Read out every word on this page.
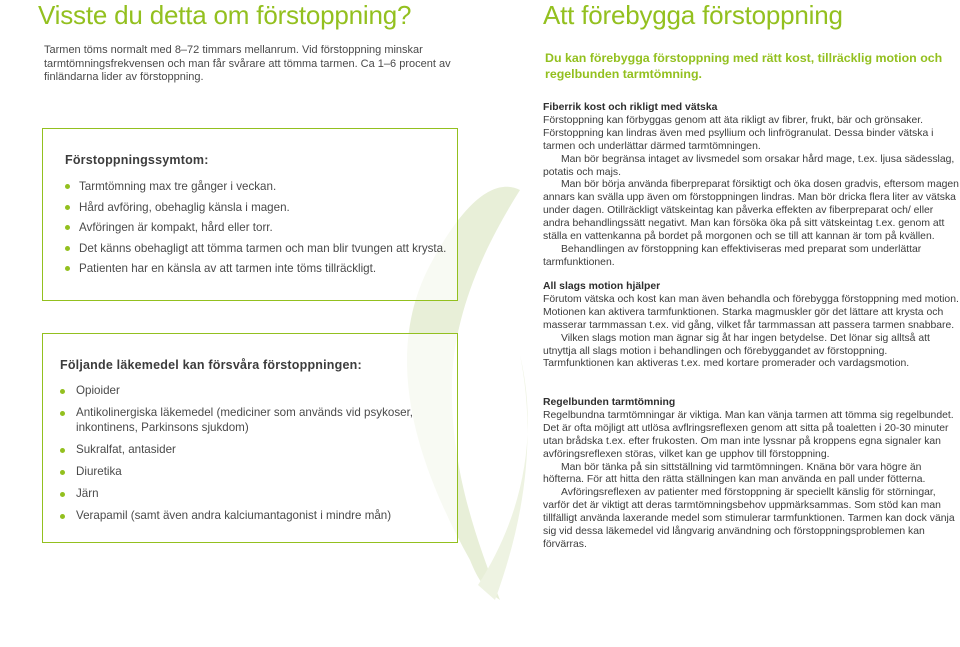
Visste du detta om förstoppning?
Tarmen töms normalt med 8–72 timmars mellanrum. Vid förstoppning minskar tarmtömningsfrekvensen och man får svårare att tömma tarmen. Ca 1–6 procent av finländarna lider av förstoppning.
Förstoppningssymtom:
Tarmtömning max tre gånger i veckan.
Hård avföring, obehaglig känsla i magen.
Avföringen är kompakt, hård eller torr.
Det känns obehagligt att tömma tarmen och man blir tvungen att krysta.
Patienten har en känsla av att tarmen inte töms tillräckligt.
Följande läkemedel kan försvåra förstoppningen:
Opioider
Antikolinergiska läkemedel (mediciner som används vid psykoser, inkontinens, Parkinsons sjukdom)
Sukralfat, antasider
Diuretika
Järn
Verapamil (samt även andra kalciumantagonist i mindre mån)
Att förebygga förstoppning
Du kan förebygga förstoppning med rätt kost, tillräcklig motion och regelbunden tarmtömning.
Fiberrik kost och rikligt med vätska

Förstoppning kan förbyggas genom att äta rikligt av fibrer, frukt, bär och grönsaker. Förstoppning kan lindras även med psyllium och linfrögranulat. Dessa binder vätska i tarmen och underlättar därmed tarmtömningen.

Man bör begränsa intaget av livsmedel som orsakar hård mage, t.ex. ljusa sädesslag, potatis och majs.

Man bör börja använda fiberpreparat försiktigt och öka dosen gradvis, eftersom magen annars kan svälla upp även om förstoppningen lindras. Man bör dricka flera liter av vätska under dagen. Otillräckligt vätskeintag kan påverka effekten av fiberpreparat och/ eller andra behandlingssätt negativt. Man kan försöka öka på sitt vätskeintag t.ex. genom att ställa en vattenkanna på bordet på morgonen och se till att kannan är tom på kvällen.

Behandlingen av förstoppning kan effektiviseras med preparat som underlättar tarmfunktionen.

All slags motion hjälper

Förutom vätska och kost kan man även behandla och förebygga förstoppning med motion. Motionen kan aktivera tarmfunktionen. Starka magmuskler gör det lättare att krysta och masserar tarmmassan t.ex. vid gång, vilket får tarmmassan att passera tarmen snabbare.

Vilken slags motion man ägnar sig åt har ingen betydelse. Det lönar sig alltså att utnyttja all slags motion i behandlingen och förebyggandet av förstoppning. Tarmfunktionen kan aktiveras t.ex. med kortare promerader och vardagsmotion.

Regelbunden tarmtömning

Regelbundna tarmtömningar är viktiga. Man kan vänja tarmen att tömma sig regelbundet. Det är ofta möjligt att utlösa avflringsreflexen genom att sitta på toaletten i 20-30 minuter utan brådska t.ex. efter frukosten. Om man inte lyssnar på kroppens egna signaler kan avföringsreflexen störas, vilket kan ge upphov till förstoppning.

Man bör tänka på sin sittställning vid tarmtömningen. Knäna bör vara högre än höfterna. För att hitta den rätta ställningen kan man använda en pall under fötterna.

Avföringsreflexen av patienter med förstoppning är speciellt känslig för störningar, varför det är viktigt att deras tarmtömningsbehov uppmärksammas. Som stöd kan man tillfälligt använda laxerande medel som stimulerar tarmfunktionen. Tarmen kan dock vänja sig vid dessa läkemedel vid långvarig användning och förstoppningsproblemen kan förvärras.
